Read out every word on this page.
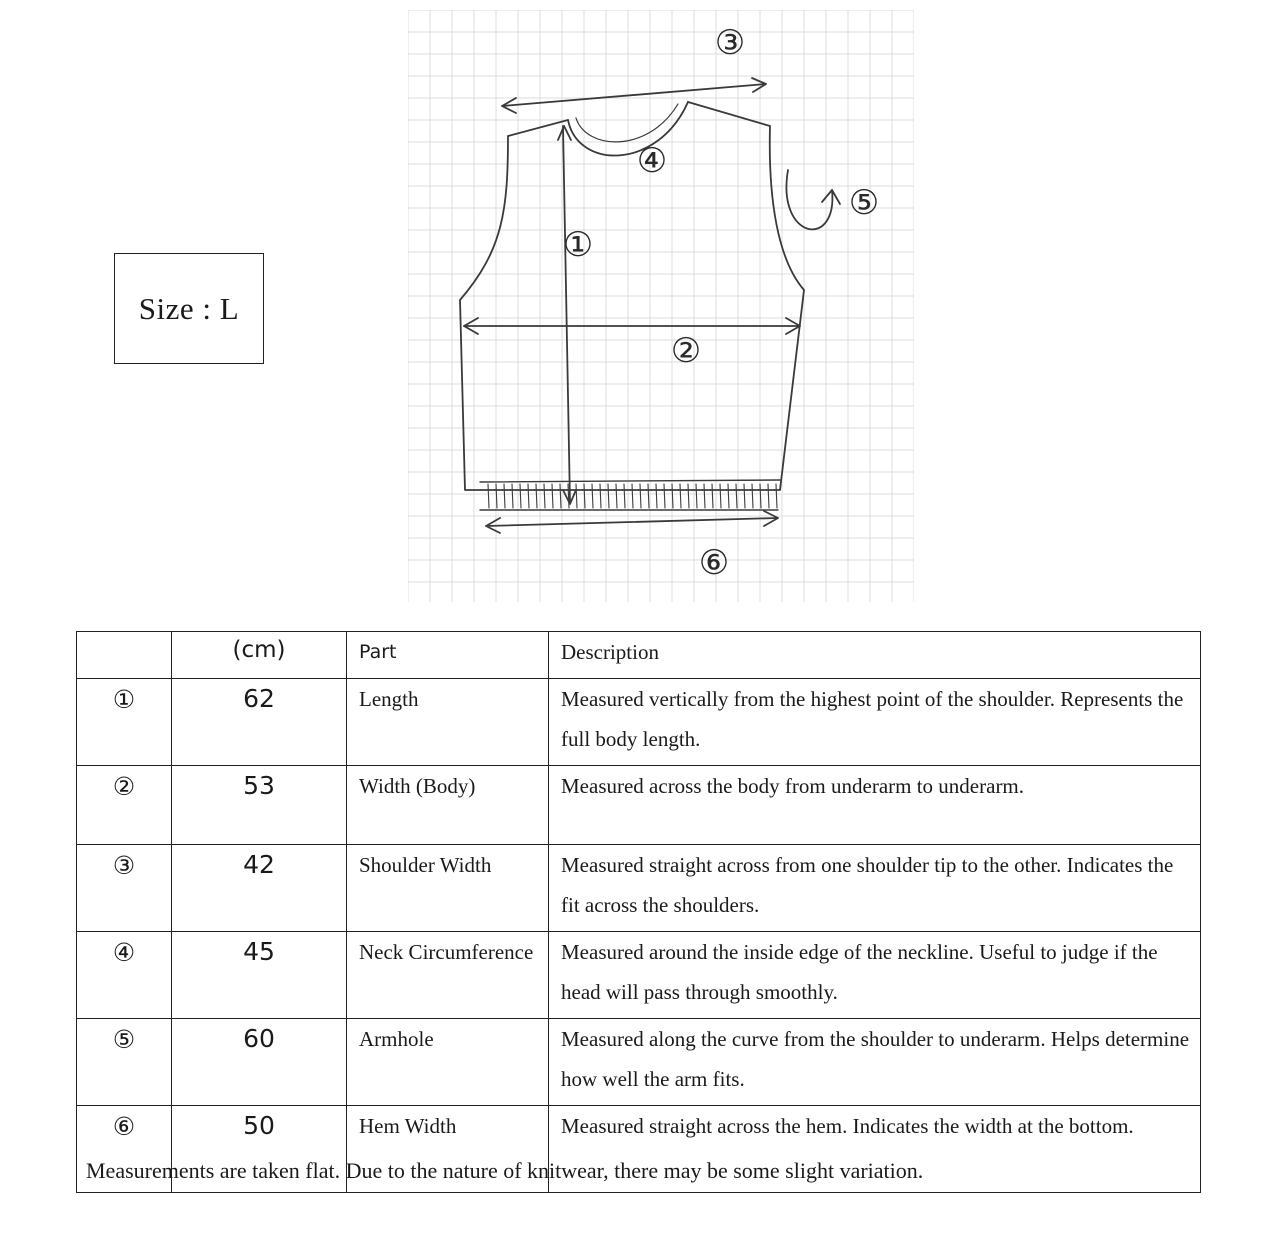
Size : L
①
②
③
④
⑤
⑥
	(cm)	Part	Description
①	62	Length	Measured vertically from the highest point of the shoulder. Represents the full body length.
②	53	Width (Body)	Measured across the body from underarm to underarm.
③	42	Shoulder Width	Measured straight across from one shoulder tip to the other. Indicates the fit across the shoulders.
④	45	Neck Circumference	Measured around the inside edge of the neckline. Useful to judge if the head will pass through smoothly.
⑤	60	Armhole	Measured along the curve from the shoulder to underarm. Helps determine how well the arm fits.
⑥	50	Hem Width	Measured straight across the hem. Indicates the width at the bottom.
Measurements are taken flat. Due to the nature of knitwear, there may be some slight variation.
